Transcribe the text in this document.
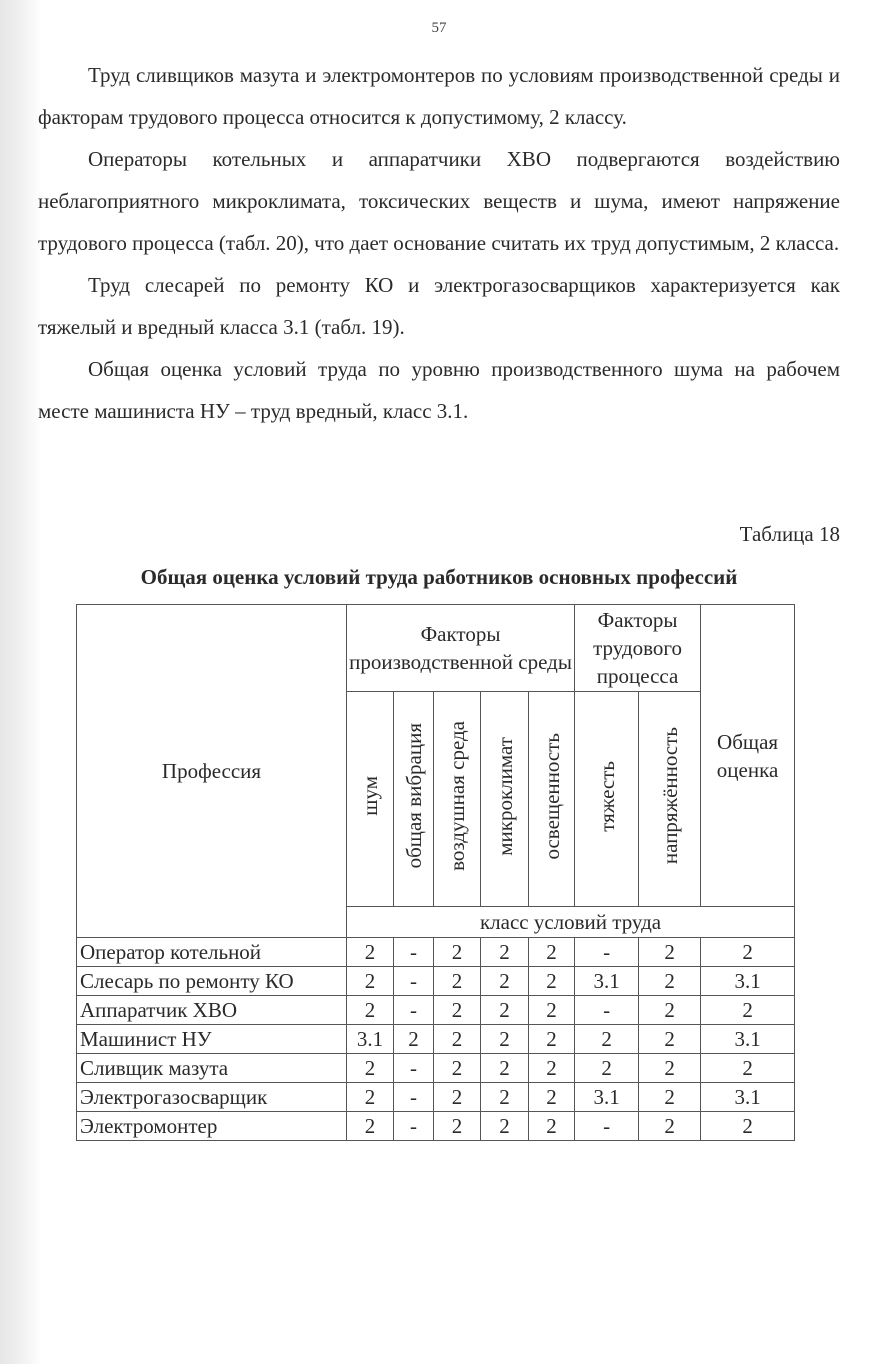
57

Труд сливщиков мазута и электромонтеров по условиям производственной среды и факторам трудового процесса относится к допустимому, 2 классу.

Операторы котельных и аппаратчики ХВО подвергаются воздействию неблагоприятного микроклимата, токсических веществ и шума, имеют напряжение трудового процесса (табл. 20), что дает основание считать их труд допустимым, 2 класса.

Труд слесарей по ремонту КО и электрогазосварщиков характеризуется как тяжелый и вредный класса 3.1 (табл. 19).

Общая оценка условий труда по уровню производственного шума на рабочем месте машиниста НУ – труд вредный, класс 3.1.

Таблица 18
Общая оценка условий труда работников основных профессий
Профессия	Факторы производственной среды					Факторы трудового процесса		Общая оценка
	шум	общая вибрация	воздушная среда	микроклимат	освещенность	тяжесть	напряжённость	
	класс условий труда							
Оператор котельной	2	-	2	2	2	-	2	2
Слесарь по ремонту КО	2	-	2	2	2	3.1	2	3.1
Аппаратчик ХВО	2	-	2	2	2	-	2	2
Машинист НУ	3.1	2	2	2	2	2	2	3.1
Сливщик мазута	2	-	2	2	2	2	2	2
Электрогазосварщик	2	-	2	2	2	3.1	2	3.1
Электромонтер	2	-	2	2	2	-	2	2
